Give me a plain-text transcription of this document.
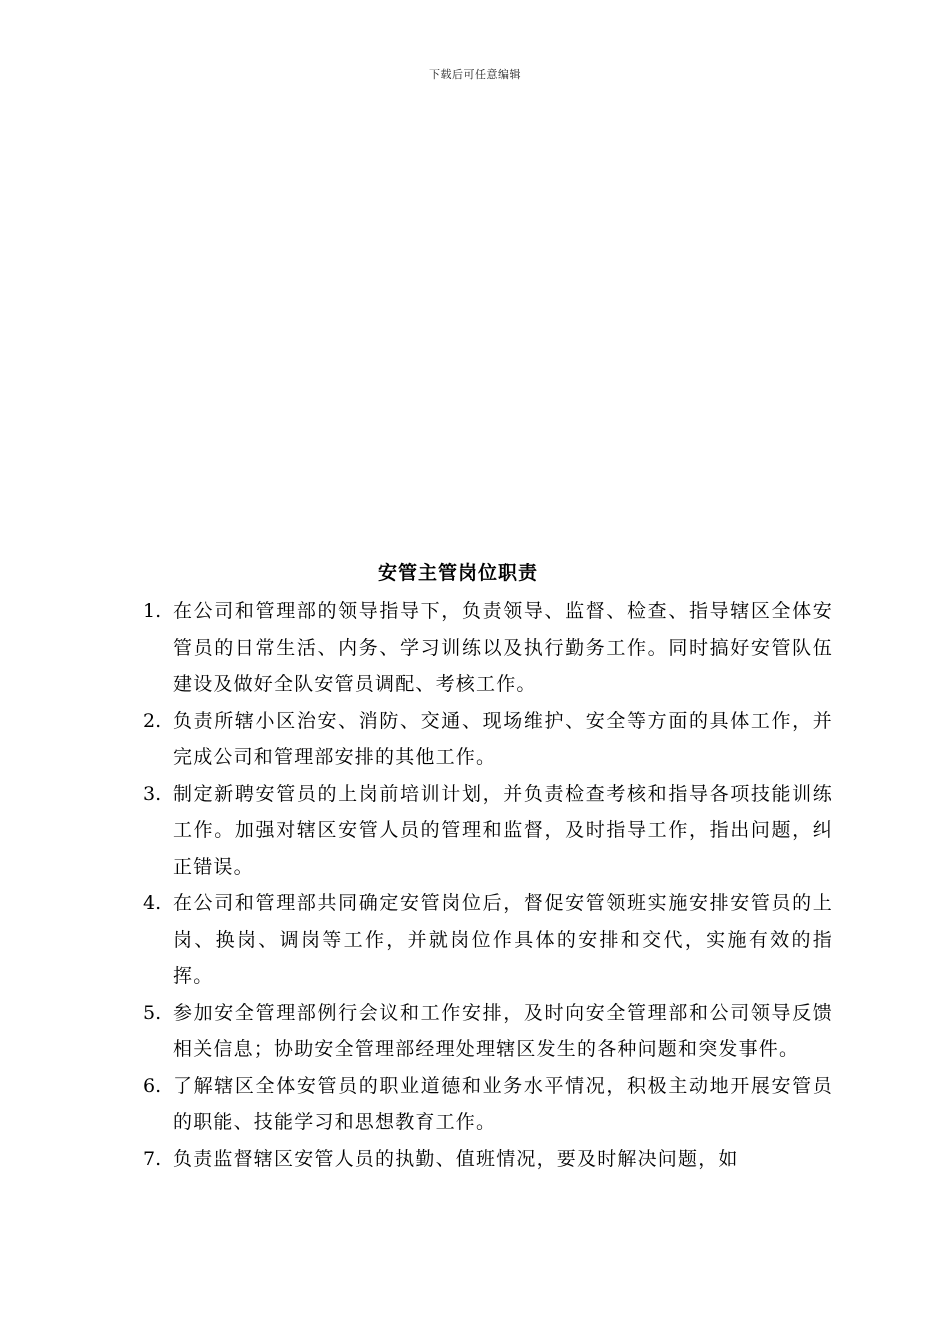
下载后可任意编辑
安管主管岗位职责
1. 在公司和管理部的领导指导下，负责领导、监督、检查、指导辖区全体安管员的日常生活、内务、学习训练以及执行勤务工作。同时搞好安管队伍建设及做好全队安管员调配、考核工作。
2. 负责所辖小区治安、消防、交通、现场维护、安全等方面的具体工作，并完成公司和管理部安排的其他工作。
3. 制定新聘安管员的上岗前培训计划，并负责检查考核和指导各项技能训练工作。加强对辖区安管人员的管理和监督，及时指导工作，指出问题，纠正错误。
4. 在公司和管理部共同确定安管岗位后，督促安管领班实施安排安管员的上岗、换岗、调岗等工作，并就岗位作具体的安排和交代，实施有效的指挥。
5. 参加安全管理部例行会议和工作安排，及时向安全管理部和公司领导反馈相关信息；协助安全管理部经理处理辖区发生的各种问题和突发事件。
6. 了解辖区全体安管员的职业道德和业务水平情况，积极主动地开展安管员的职能、技能学习和思想教育工作。
7. 负责监督辖区安管人员的执勤、值班情况，要及时解决问题，如
